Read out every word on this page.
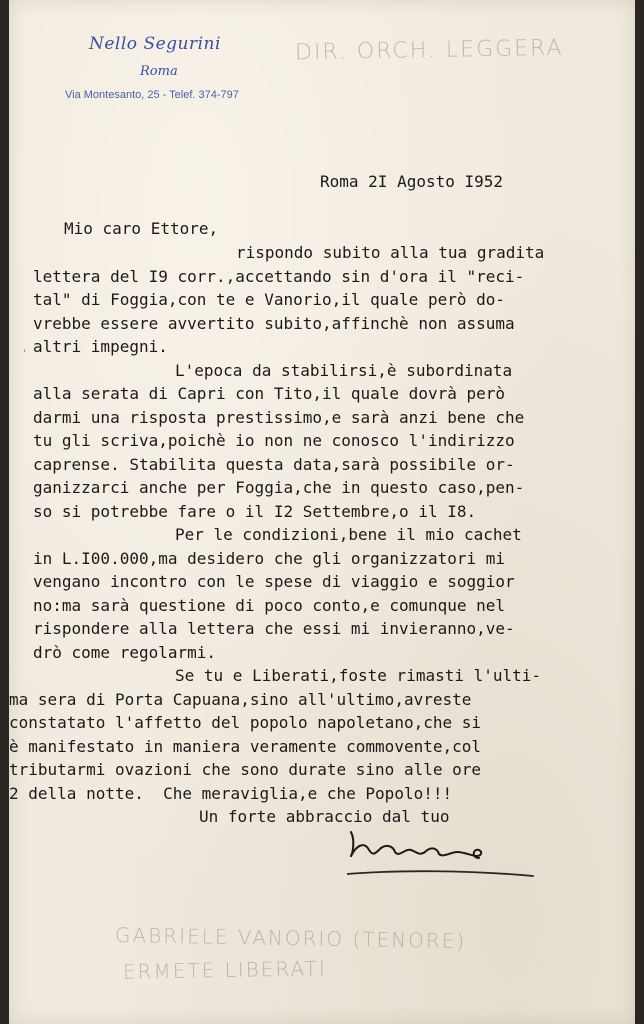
Nello Segurini
Roma
Via Montesanto, 25 - Telef. 374-797
DIR. ORCH. LEGGERA
Roma 2I Agosto I952
Mio caro Ettore,
‚
rispondo subito alla tua gradita
lettera del I9 corr.,accettando sin d'ora il "reci-
tal" di Foggia,con te e Vanorio,il quale però do-
vrebbe essere avvertito subito,affinchè non assuma
altri impegni.
L'epoca da stabilirsi,è subordinata
alla serata di Capri con Tito,il quale dovrà però
darmi una risposta prestissimo,e sarà anzi bene che
tu gli scriva,poichè io non ne conosco l'indirizzo
caprense. Stabilita questa data,sarà possibile or-
ganizzarci anche per Foggia,che in questo caso,pen-
so si potrebbe fare o il I2 Settembre,o il I8.
Per le condizioni,bene il mio cachet
in L.I00.000,ma desidero che gli organizzatori mi
vengano incontro con le spese di viaggio e soggior
no:ma sarà questione di poco conto,e comunque nel
rispondere alla lettera che essi mi invieranno,ve-
drò come regolarmi.
Se tu e Liberati,foste rimasti l'ulti-
ma sera di Porta Capuana,sino all'ultimo,avreste
constatato l'affetto del popolo napoletano,che si
è manifestato in maniera veramente commovente,col
tributarmi ovazioni che sono durate sino alle ore
2 della notte.  Che meraviglia,e che Popolo!!!
Un forte abbraccio dal tuo
GABRIELE VANORIO (TENORE)
ERMETE LIBERATI
